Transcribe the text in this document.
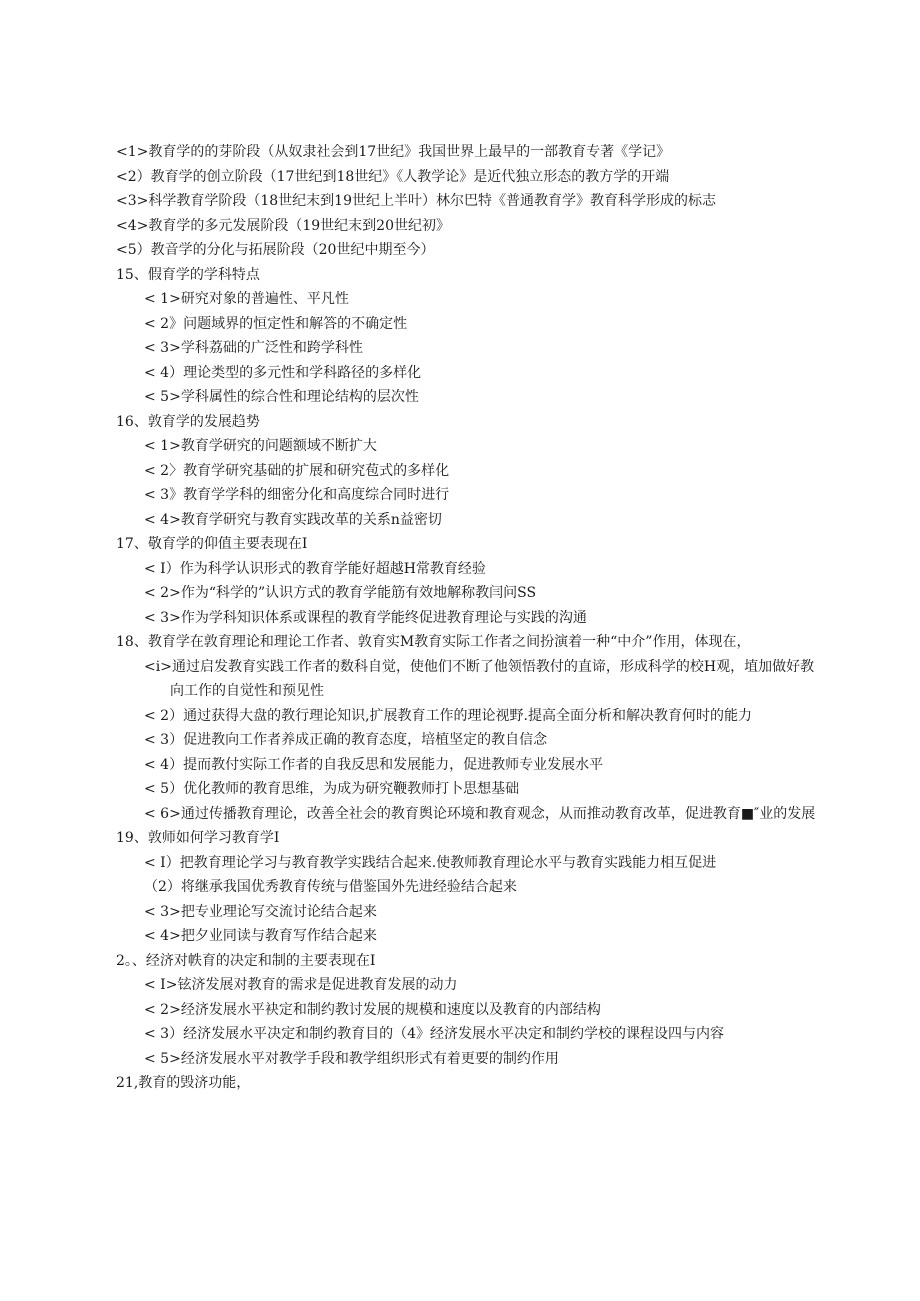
<1>教育学的的芽阶段（从奴隶社会到17世纪》我国世界上最早的一部教育专著《学记》
<2）教育学的创立阶段（17世纪到18世纪》《人教学论》是近代独立形态的教方学的开端
<3>科学教育学阶段（18世纪末到19世纪上半叶）林尔巴特《普通教育学》教育科学形成的标志
<4>教育学的多元发展阶段（19世纪末到20世纪初》
<5）教音学的分化与拓展阶段（20世纪中期至今）
15、假育学的学科特点
< 1>研究对象的普遍性、平凡性
< 2》问题域界的恒定性和解答的不确定性
< 3>学科荔础的广泛性和跨学科性
< 4）理论类型的多元性和学科路径的多样化
< 5>学科属性的综合性和理论结构的层次性
16、敦育学的发展趋势
< 1>教育学研究的问题额域不断扩大
< 2〉教育学研究基础的扩展和研究苞式的多样化
< 3》教育学学科的细密分化和高度综合同时进行
< 4>教育学研究与教育实践改革的关系n益密切
17、敬育学的仰值主要表现在I
< I）作为科学认识形式的教育学能好超越H常教育经验
< 2>作为“科学的”认识方式的教育学能筋有效地解称教闫问SS
< 3>作为学科知识体系或课程的教育学能终促进教育理论与实践的沟通
18、教育学在敦育理论和理论工作者、敦育实M教育实际工作者之间扮演着一种“中介”作用，体现在，
<i>通过启发教育实践工作者的数科自觉，使他们不断了他领悟教付的直谛，形成科学的校H观，埴加做好教向工作的自觉性和预见性
< 2）通过获得大盘的教行理论知识,扩展教育工作的理论视野.提高全面分析和解决教育何时的能力
< 3）促进教向工作者养成正确的教育态度，培植坚定的教自信念
< 4）提而教付实际工作者的自我反思和发展能力，促进教师专业发展水平
< 5）优化教师的教育思维，为成为研究鞭教师打卜思想基础
< 6>通过传播教育理论，改善全社会的教育舆论环境和教育观念，从而推动教育改革，促进教育■″业的发展
19、敦师如何学习教育学I
< I）把教育理论学习与教育教学实践结合起来.使教师教育理论水平与教育实践能力相互促进
（2）将继承我国优秀教育传统与借鉴国外先进经验结合起来
< 3>把专业理论写交流讨论结合起来
< 4>把夕业同读与教育写作结合起来
2。、经济对帙育的决定和制的主要表现在I
< I>铉济发展对教育的需求是促进教育发展的动力
< 2>经济发展水平袂定和制约教讨发展的规模和速度以及教育的内部结构
< 3）经济发展水平决定和制约教育目的（4》经济发展水平决定和制约学校的课程设四与内容
< 5>经济发展水平对教学手段和教学组织形式有着更要的制约作用
21,教育的毁济功能，
